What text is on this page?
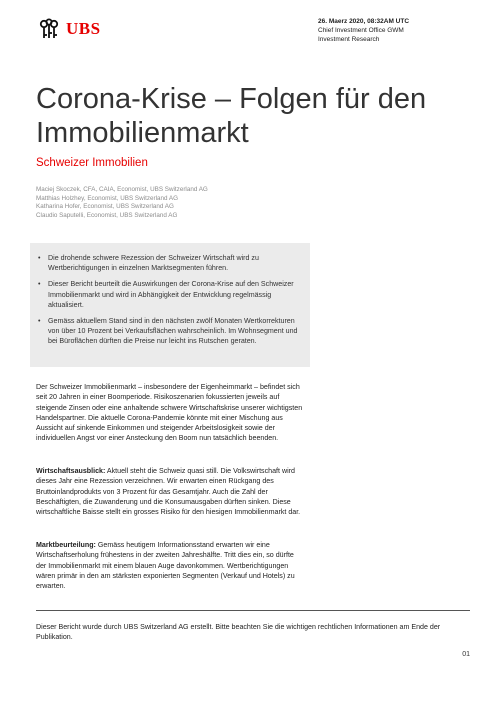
UBS	26. Maerz 2020, 08:32AM UTC
Chief Investment Office GWM
Investment Research
Corona-Krise – Folgen für den Immobilienmarkt
Schweizer Immobilien
Maciej Skoczek, CFA, CAIA, Economist, UBS Switzerland AG
Matthias Holzhey, Economist, UBS Switzerland AG
Katharina Hofer, Economist, UBS Switzerland AG
Claudio Saputelli, Economist, UBS Switzerland AG
• Die drohende schwere Rezession der Schweizer Wirtschaft wird zu Wertberichtigungen in einzelnen Marktsegmenten führen.
• Dieser Bericht beurteilt die Auswirkungen der Corona-Krise auf den Schweizer Immobilienmarkt und wird in Abhängigkeit der Entwicklung regelmässig aktualisiert.
• Gemäss aktuellem Stand sind in den nächsten zwölf Monaten Wertkorrekturen von über 10 Prozent bei Verkaufsflächen wahrscheinlich. Im Wohnsegment und bei Büroflächen dürften die Preise nur leicht ins Rutschen geraten.

Der Schweizer Immobilienmarkt – insbesondere der Eigenheimmarkt – befindet sich seit 20 Jahren in einer Boomperiode. Risikoszenarien fokussierten jeweils auf steigende Zinsen oder eine anhaltende schwere Wirtschaftskrise unserer wichtigsten Handelspartner. Die aktuelle Corona-Pandemie könnte mit einer Mischung aus Aussicht auf sinkende Einkommen und steigender Arbeitslosigkeit sowie der individuellen Angst vor einer Ansteckung den Boom nun tatsächlich beenden.

Wirtschaftsausblick: Aktuell steht die Schweiz quasi still. Die Volkswirtschaft wird dieses Jahr eine Rezession verzeichnen. Wir erwarten einen Rückgang des Bruttoinlandprodukts von 3 Prozent für das Gesamtjahr. Auch die Zahl der Beschäftigten, die Zuwanderung und die Konsumausgaben dürften sinken. Diese wirtschaftliche Baisse stellt ein grosses Risiko für den hiesigen Immobilienmarkt dar.

Marktbeurteilung: Gemäss heutigem Informationsstand erwarten wir eine Wirtschaftserholung frühestens in der zweiten Jahreshälfte. Tritt dies ein, so dürfte der Immobilienmarkt mit einem blauen Auge davonkommen. Wertberichtigungen wären primär in den am stärksten exponierten Segmenten (Verkauf und Hotels) zu erwarten.

Dieser Bericht wurde durch UBS Switzerland AG erstellt. Bitte beachten Sie die wichtigen rechtlichen Informationen am Ende der Publikation.
01
